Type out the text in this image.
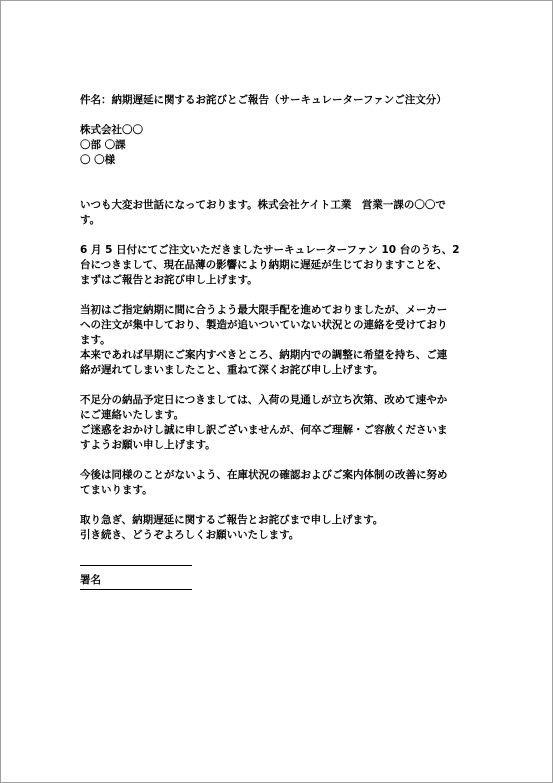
件名：納期遅延に関するお詫びとご報告（サーキュレーターファンご注文分）
株式会社〇〇
〇部 〇課
〇 〇様
いつも大変お世話になっております。株式会社ケイト工業　営業一課の〇〇で
す。
6 月 5 日付にてご注文いただきましたサーキュレーターファン 10 台のうち、2
台につきまして、現在品薄の影響により納期に遅延が生じておりますことを、
まずはご報告とお詫び申し上げます。
当初はご指定納期に間に合うよう最大限手配を進めておりましたが、メーカー
への注文が集中しており、製造が追いついていない状況との連絡を受けており
ます。
本来であれば早期にご案内すべきところ、納期内での調整に希望を持ち、ご連
絡が遅れてしまいましたこと、重ねて深くお詫び申し上げます。
不足分の納品予定日につきましては、入荷の見通しが立ち次第、改めて速やか
にご連絡いたします。
ご迷惑をおかけし誠に申し訳ございませんが、何卒ご理解・ご容赦くださいま
すようお願い申し上げます。
今後は同様のことがないよう、在庫状況の確認およびご案内体制の改善に努め
てまいります。
取り急ぎ、納期遅延に関するご報告とお詫びまで申し上げます。
引き続き、どうぞよろしくお願いいたします。
署名
